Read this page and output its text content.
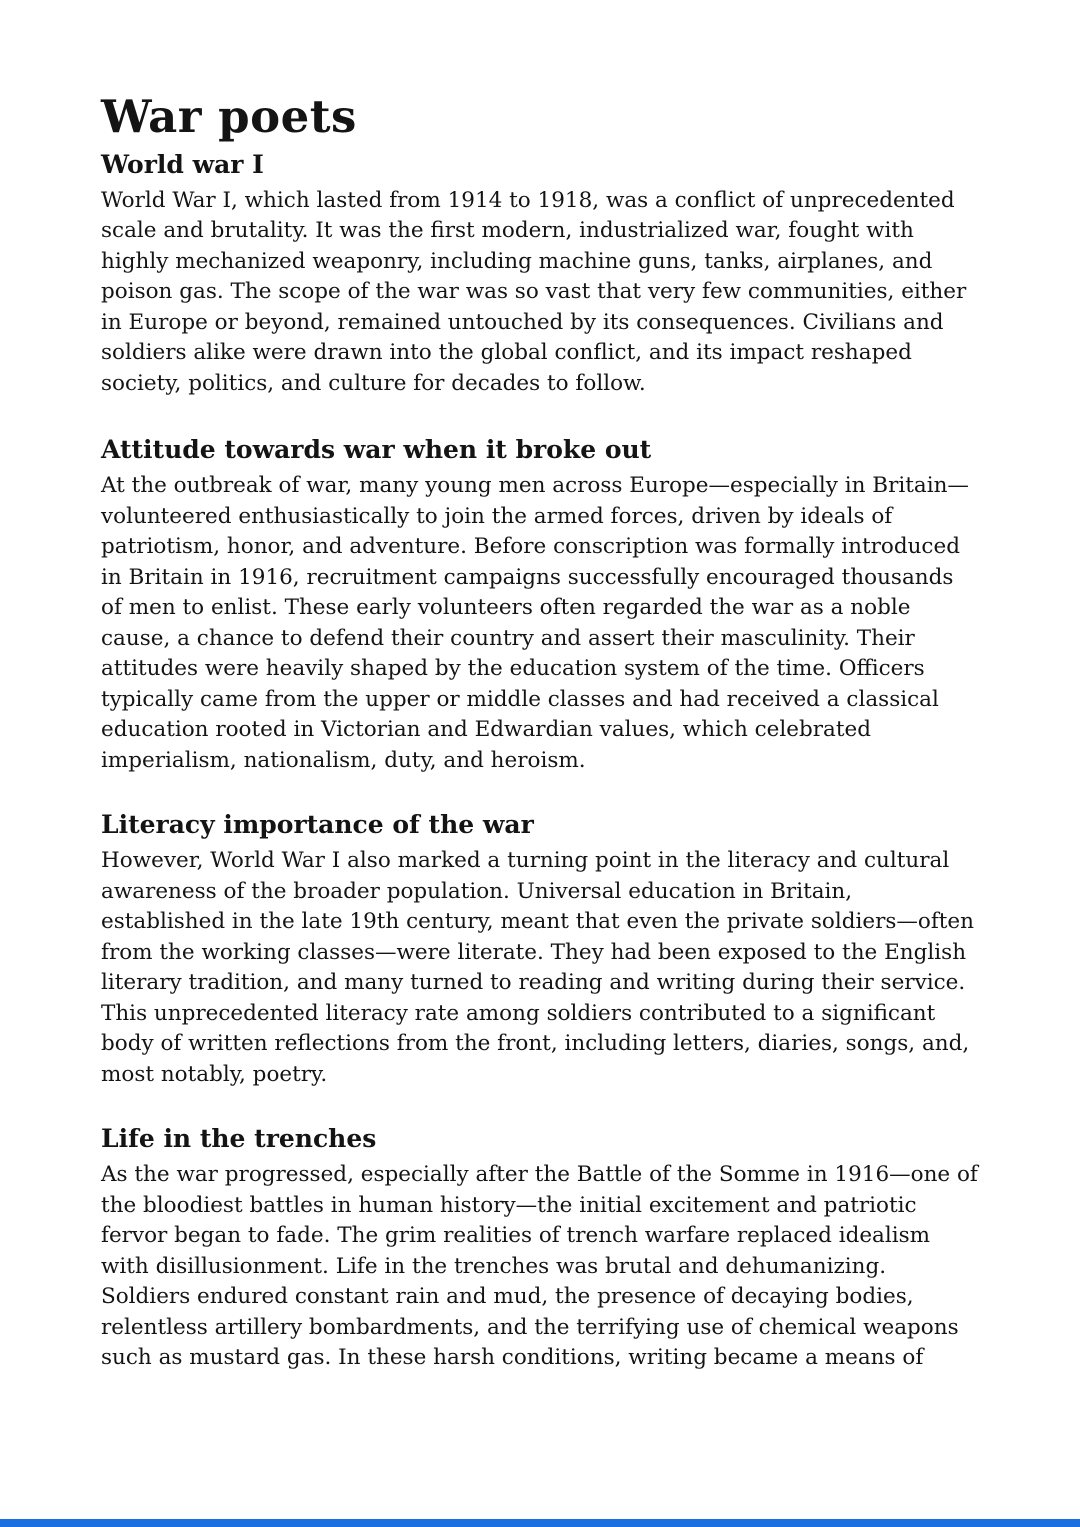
War poets
World war I

World War I, which lasted from 1914 to 1918, was a conflict of unprecedented scale and brutality. It was the first modern, industrialized war, fought with highly mechanized weaponry, including machine guns, tanks, airplanes, and poison gas. The scope of the war was so vast that very few communities, either in Europe or beyond, remained untouched by its consequences. Civilians and soldiers alike were drawn into the global conflict, and its impact reshaped society, politics, and culture for decades to follow.

Attitude towards war when it broke out

At the outbreak of war, many young men across Europe—especially in Britain—volunteered enthusiastically to join the armed forces, driven by ideals of patriotism, honor, and adventure. Before conscription was formally introduced in Britain in 1916, recruitment campaigns successfully encouraged thousands of men to enlist. These early volunteers often regarded the war as a noble cause, a chance to defend their country and assert their masculinity. Their attitudes were heavily shaped by the education system of the time. Officers typically came from the upper or middle classes and had received a classical education rooted in Victorian and Edwardian values, which celebrated imperialism, nationalism, duty, and heroism.

Literacy importance of the war

However, World War I also marked a turning point in the literacy and cultural awareness of the broader population. Universal education in Britain, established in the late 19th century, meant that even the private soldiers—often from the working classes—were literate. They had been exposed to the English literary tradition, and many turned to reading and writing during their service. This unprecedented literacy rate among soldiers contributed to a significant body of written reflections from the front, including letters, diaries, songs, and, most notably, poetry.

Life in the trenches

As the war progressed, especially after the Battle of the Somme in 1916—one of the bloodiest battles in human history—the initial excitement and patriotic fervor began to fade. The grim realities of trench warfare replaced idealism with disillusionment. Life in the trenches was brutal and dehumanizing. Soldiers endured constant rain and mud, the presence of decaying bodies, relentless artillery bombardments, and the terrifying use of chemical weapons such as mustard gas. In these harsh conditions, writing became a means of
